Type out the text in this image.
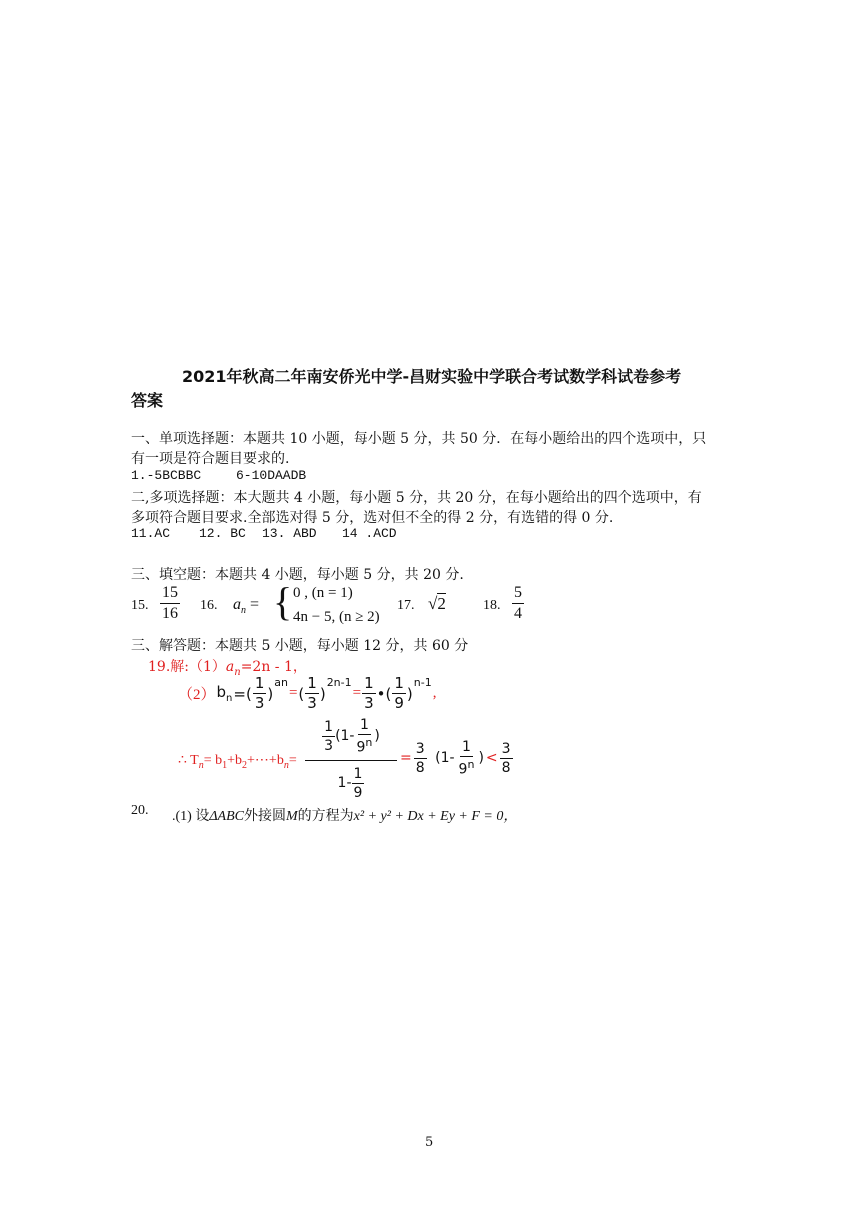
2021年秋高二年南安侨光中学-昌财实验中学联合考试数学科试卷参考
答案
一、单项选择题：本题共 10 小题，每小题 5 分，共 50 分．在每小题给出的四个选项中，只
有一项是符合题目要求的.
1.-5BCBBC	6-10DAADB
二,多项选择题：本大题共 4 小题，每小题 5 分，共 20 分，在每小题给出的四个选项中，有
多项符合题目要求.全部选对得 5 分，选对但不全的得 2 分，有选错的得 0 分.
11.AC 12. BC 13. ABD 14 .ACD
三、填空题：本题共 4 小题，每小题 5 分，共 20 分.
15. $\frac{15}{16} 16$. $a_n$ = { 0 , (n = 1)
4n − 5, (n ≥ 2)
17. √2	18. $\frac{5}{4}$
三、解答题：本题共 5 小题，每小题 12 分，共 60 分
19.解$:(1)a_n=2n - 1$，
（2） $b_n$ =( $\frac{1}{3}$ )
$^{an}$
= ( $\frac{1}{3}$ )
$^{2n-1}$
= $\frac{1}{3}$ •( $\frac{1}{9}$ )
$^{n-1}$
,
∴ $T_n=$ $b_1+b_2+\cdots+b_n=$
$\frac{1}{3} (1- \frac{1}{9^n}$ )
$1- \frac{1}{9}$
= $\frac{3}{8}$
($1- \frac{1}{9^n}$ ) < $\frac{3}{8}$
20. .(1) 设ΔABC外接圆M的方程为x² + y² + Dx + Ey + F = 0，
5
